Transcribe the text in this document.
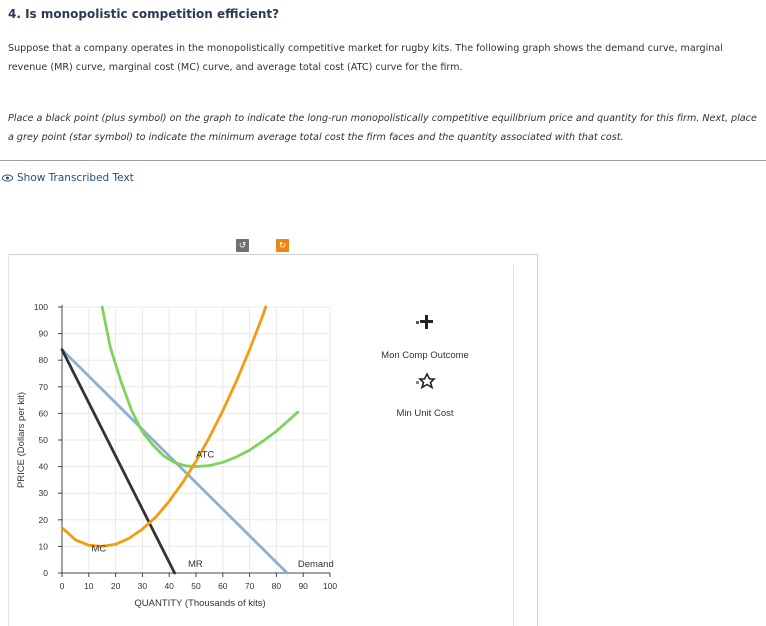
4. Is monopolistic competition efficient?
Suppose that a company operates in the monopolistically competitive market for rugby kits. The following graph shows the demand curve, marginal revenue (MR) curve, marginal cost (MC) curve, and average total cost (ATC) curve for the firm.
Place a black point (plus symbol) on the graph to indicate the long-run monopolistically competitive equilibrium price and quantity for this firm. Next, place a grey point (star symbol) to indicate the minimum average total cost the firm faces and the quantity associated with that cost.
Show Transcribed Text
↺	↻
0 10 20 30 40 50 60 70 80 90 100
0
10
20
30
40
50
60
70
80
90
100
QUANTITY (Thousands of kits)
PRICE (Dollars per kit)
MC
ATC
MR	Demand
Mon Comp Outcome
Min Unit Cost
